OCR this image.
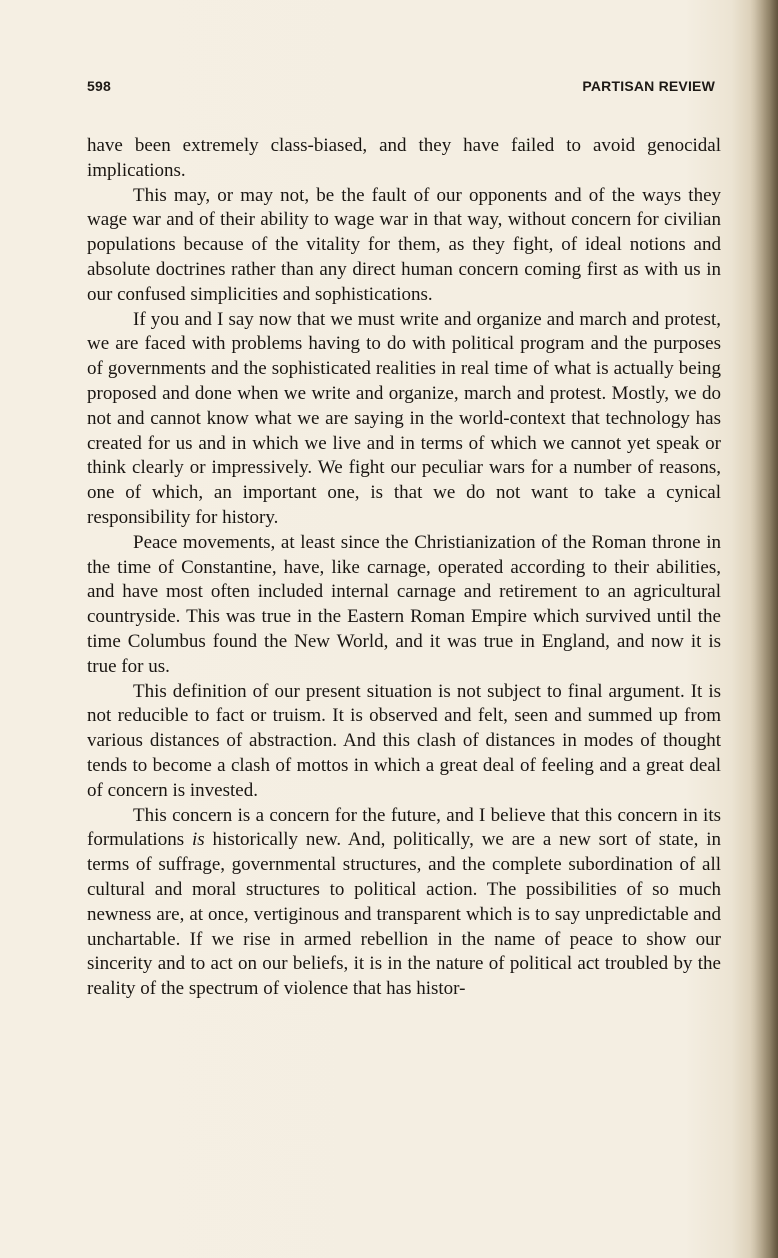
598	PARTISAN REVIEW

have been extremely class-biased, and they have failed to avoid genocidal implications.

This may, or may not, be the fault of our opponents and of the ways they wage war and of their ability to wage war in that way, without concern for civilian populations because of the vitality for them, as they fight, of ideal notions and absolute doctrines rather than any direct human concern coming first as with us in our confused simplicities and sophistications.

If you and I say now that we must write and organize and march and protest, we are faced with problems having to do with political program and the purposes of governments and the sophisticated realities in real time of what is actually being proposed and done when we write and organize, march and protest. Mostly, we do not and cannot know what we are saying in the world-context that technology has created for us and in which we live and in terms of which we cannot yet speak or think clearly or impressively. We fight our peculiar wars for a number of reasons, one of which, an important one, is that we do not want to take a cynical responsibility for history.

Peace movements, at least since the Christianization of the Roman throne in the time of Constantine, have, like carnage, operated according to their abilities, and have most often included internal carnage and retirement to an agricultural countryside. This was true in the Eastern Roman Empire which survived until the time Columbus found the New World, and it was true in England, and now it is true for us.

This definition of our present situation is not subject to final argument. It is not reducible to fact or truism. It is observed and felt, seen and summed up from various distances of abstraction. And this clash of distances in modes of thought tends to become a clash of mottos in which a great deal of feeling and a great deal of concern is invested.

This concern is a concern for the future, and I believe that this concern in its formulations is historically new. And, politically, we are a new sort of state, in terms of suffrage, governmental structures, and the complete subordination of all cultural and moral structures to political action. The possibilities of so much newness are, at once, vertiginous and transparent which is to say unpredictable and unchartable. If we rise in armed rebellion in the name of peace to show our sincerity and to act on our beliefs, it is in the nature of political act troubled by the reality of the spectrum of violence that has histor-
